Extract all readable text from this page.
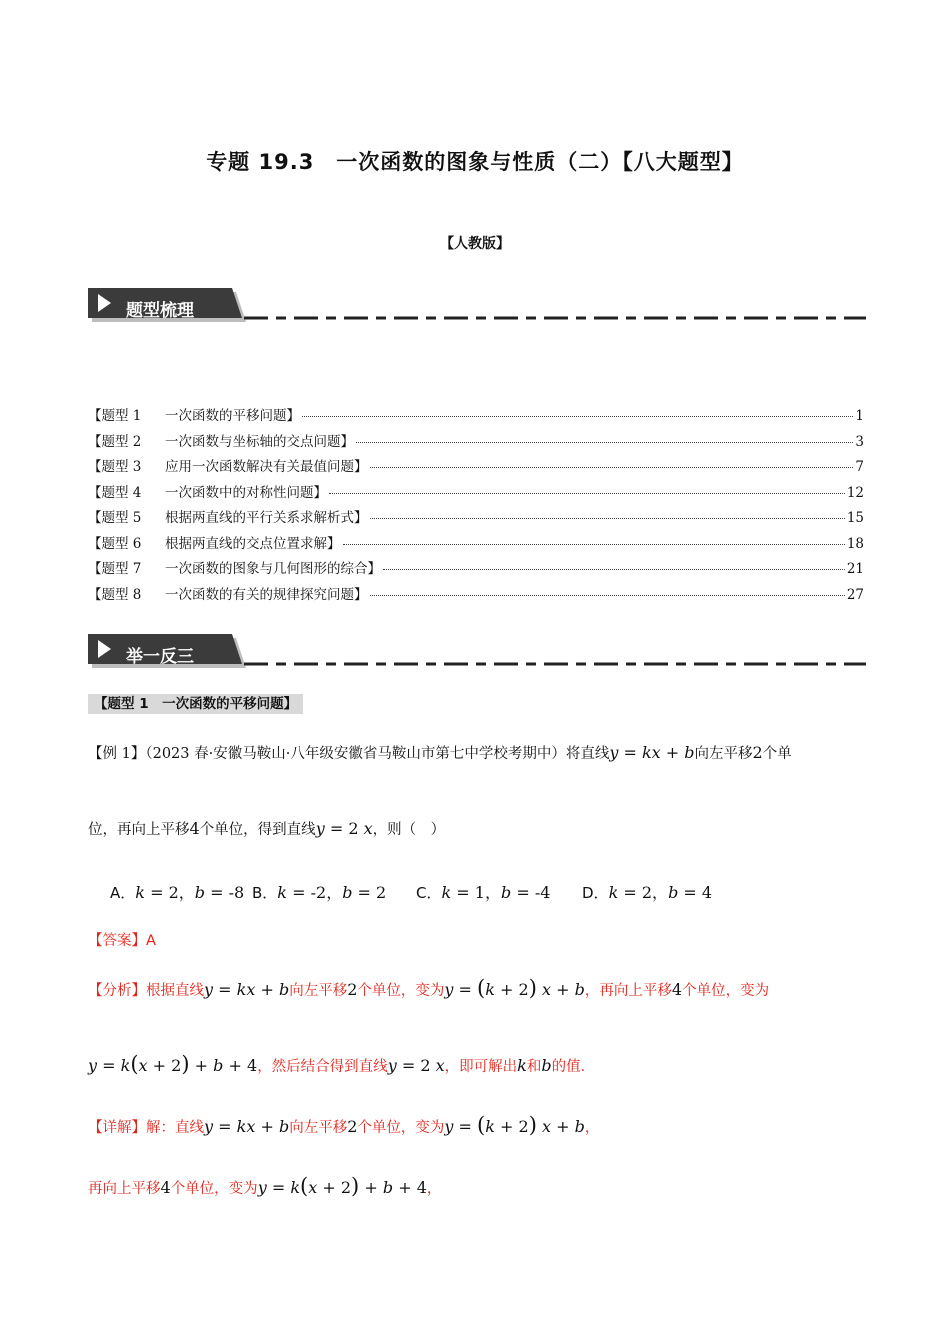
专题 19.3　一次函数的图象与性质（二）【八大题型】
【人教版】
题型梳理
【题型 1	一次函数的平移问题】	1
【题型 2	一次函数与坐标轴的交点问题】	3
【题型 3	应用一次函数解决有关最值问题】	7
【题型 4	一次函数中的对称性问题】	12
【题型 5	根据两直线的平行关系求解析式】	15
【题型 6	根据两直线的交点位置求解】	18
【题型 7	一次函数的图象与几何图形的综合】	21
【题型 8	一次函数的有关的规律探究问题】	27
举一反三
【题型 1　一次函数的平移问题】
【例 1】（2023 春·安徽马鞍山·八年级安徽省马鞍山市第七中学校考期中）将直线y = kx + b向左平移2个单
位，再向上平移4个单位，得到直线y = 2 x，则（　）
A．k = 2，b = -8 B．k = -2，b = 2 C．k = 1，b = -4 D．k = 2，b = 4
【答案】A
【分析】根据直线y = kx + b向左平移2个单位，变为y = (k + 2) x + b，再向上平移4个单位，变为
y = k(x + 2) + b + 4，然后结合得到直线y = 2 x，即可解出k和b的值．
【详解】解：直线y = kx + b向左平移2个单位，变为y = (k + 2) x + b，
再向上平移4个单位，变为y = k(x + 2) + b + 4，
